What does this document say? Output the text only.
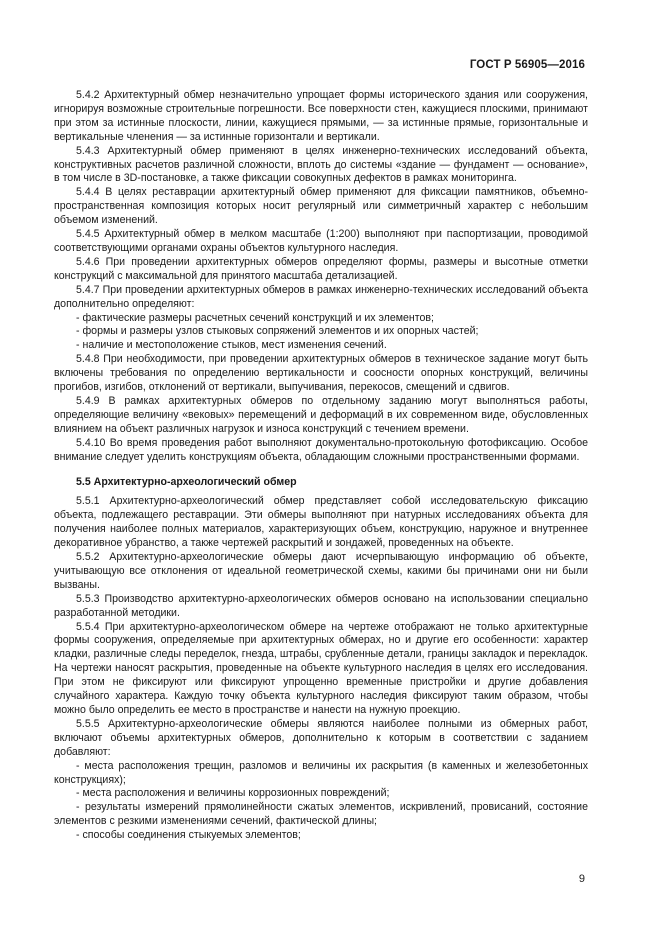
ГОСТ Р 56905—2016

5.4.2 Архитектурный обмер незначительно упрощает формы исторического здания или сооружения, игнорируя возможные строительные погрешности. Все поверхности стен, кажущиеся плоскими, принимают при этом за истинные плоскости, линии, кажущиеся прямыми, — за истинные прямые, горизонтальные и вертикальные членения — за истинные горизонтали и вертикали.

5.4.3 Архитектурный обмер применяют в целях инженерно-технических исследований объекта, конструктивных расчетов различной сложности, вплоть до системы «здание — фундамент — основание», в том числе в 3D-постановке, а также фиксации совокупных дефектов в рамках мониторинга.

5.4.4 В целях реставрации архитектурный обмер применяют для фиксации памятников, объемно-пространственная композиция которых носит регулярный или симметричный характер с небольшим объемом изменений.

5.4.5 Архитектурный обмер в мелком масштабе (1:200) выполняют при паспортизации, проводимой соответствующими органами охраны объектов культурного наследия.

5.4.6 При проведении архитектурных обмеров определяют формы, размеры и высотные отметки конструкций с максимальной для принятого масштаба детализацией.

5.4.7 При проведении архитектурных обмеров в рамках инженерно-технических исследований объекта дополнительно определяют:

- фактические размеры расчетных сечений конструкций и их элементов;

- формы и размеры узлов стыковых сопряжений элементов и их опорных частей;

- наличие и местоположение стыков, мест изменения сечений.

5.4.8 При необходимости, при проведении архитектурных обмеров в техническое задание могут быть включены требования по определению вертикальности и соосности опорных конструкций, величины прогибов, изгибов, отклонений от вертикали, выпучивания, перекосов, смещений и сдвигов.

5.4.9 В рамках архитектурных обмеров по отдельному заданию могут выполняться работы, определяющие величину «вековых» перемещений и деформаций в их современном виде, обусловленных влиянием на объект различных нагрузок и износа конструкций с течением времени.

5.4.10 Во время проведения работ выполняют документально-протокольную фотофиксацию. Особое внимание следует уделить конструкциям объекта, обладающим сложными пространственными формами.

5.5 Архитектурно-археологический обмер

5.5.1 Архитектурно-археологический обмер представляет собой исследовательскую фиксацию объекта, подлежащего реставрации. Эти обмеры выполняют при натурных исследованиях объекта для получения наиболее полных материалов, характеризующих объем, конструкцию, наружное и внутреннее декоративное убранство, а также чертежей раскрытий и зондажей, проведенных на объекте.

5.5.2 Архитектурно-археологические обмеры дают исчерпывающую информацию об объекте, учитывающую все отклонения от идеальной геометрической схемы, какими бы причинами они ни были вызваны.

5.5.3 Производство архитектурно-археологических обмеров основано на использовании специально разработанной методики.

5.5.4 При архитектурно-археологическом обмере на чертеже отображают не только архитектурные формы сооружения, определяемые при архитектурных обмерах, но и другие его особенности: характер кладки, различные следы переделок, гнезда, штрабы, срубленные детали, границы закладок и перекладок. На чертежи наносят раскрытия, проведенные на объекте культурного наследия в целях его исследования. При этом не фиксируют или фиксируют упрощенно временные пристройки и другие добавления случайного характера. Каждую точку объекта культурного наследия фиксируют таким образом, чтобы можно было определить ее место в пространстве и нанести на нужную проекцию.

5.5.5 Архитектурно-археологические обмеры являются наиболее полными из обмерных работ, включают объемы архитектурных обмеров, дополнительно к которым в соответствии с заданием добавляют:

- места расположения трещин, разломов и величины их раскрытия (в каменных и железобетонных конструкциях);

- места расположения и величины коррозионных повреждений;

- результаты измерений прямолинейности сжатых элементов, искривлений, провисаний, состояние элементов с резкими изменениями сечений, фактической длины;

- способы соединения стыкуемых элементов;

9
